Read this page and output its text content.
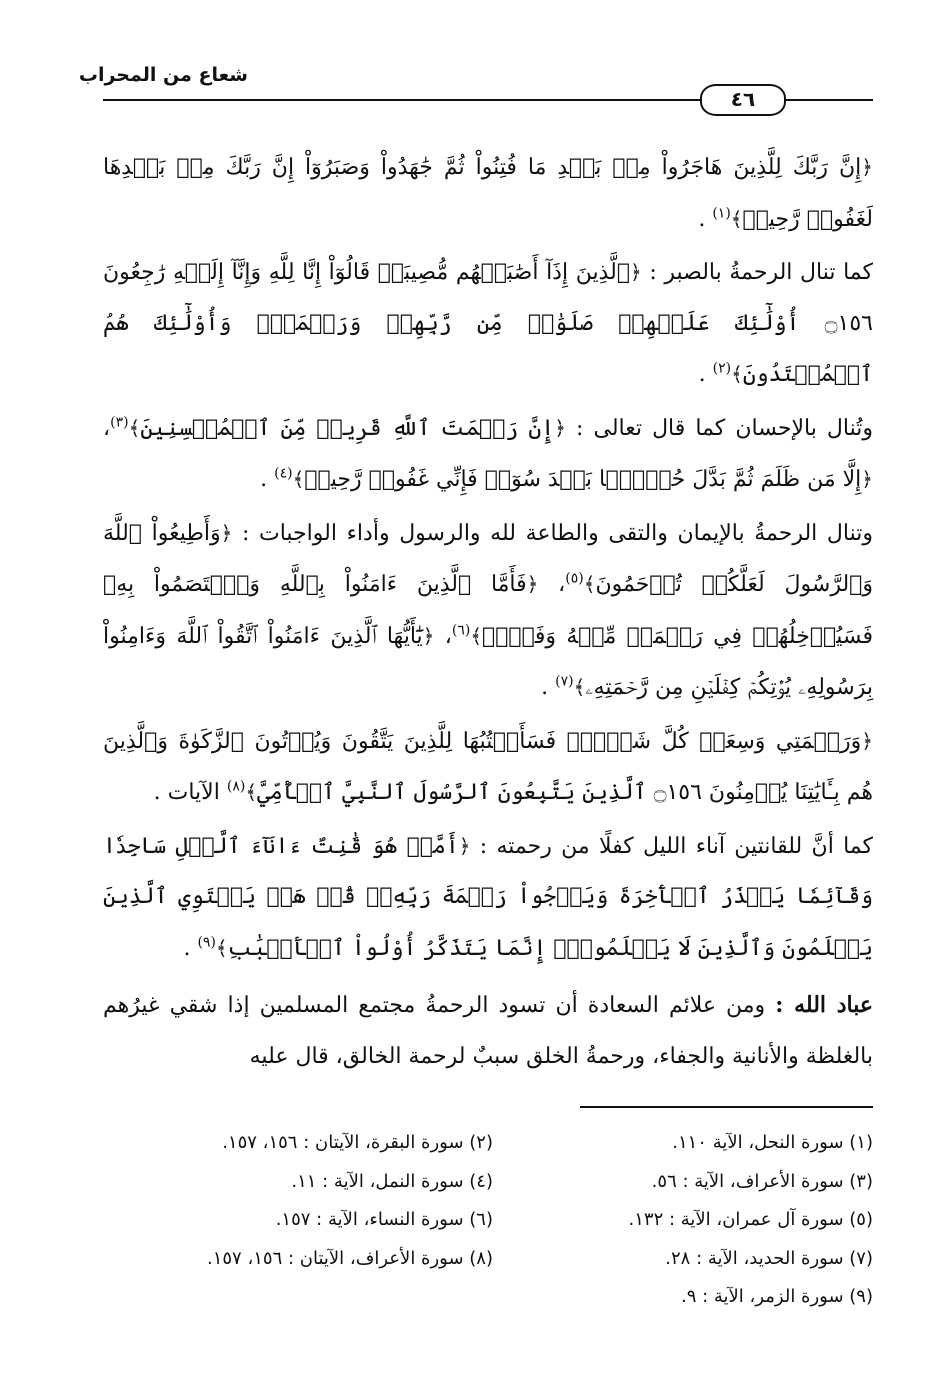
شعاع من المحراب
٤٦

﴿إِنَّ رَبَّكَ لِلَّذِينَ هَاجَرُواْ مِنۢ بَعۡدِ مَا فُتِنُواْ ثُمَّ جَٰهَدُواْ وَصَبَرُوٓاْ إِنَّ رَبَّكَ مِنۢ بَعۡدِهَا لَغَفُورٞ رَّحِيمٞ﴾$^{(١)}$ .

كما تنال الرحمةُ بالصبر : ﴿ٱلَّذِينَ إِذَآ أَصَٰبَتۡهُم مُّصِيبَةٞ قَالُوٓاْ إِنَّا لِلَّهِ وَإِنَّآ إِلَيۡهِ رَٰجِعُونَ ۝١٥٦ أُوْلَٰٓئِكَ عَلَيۡهِمۡ صَلَوَٰتٞ مِّن رَّبِّهِمۡ وَرَحۡمَةٞۖ وَأُوْلَٰٓئِكَ هُمُ ٱلۡمُهۡتَدُونَ﴾$^{(٢)}$ .

وتُنال بالإحسان كما قال تعالى : ﴿إِنَّ رَحۡمَتَ ٱللَّهِ قَرِيبٞ مِّنَ ٱلۡمُحۡسِنِينَ﴾$^{(٣)}$، ﴿إِلَّا مَن ظَلَمَ ثُمَّ بَدَّلَ حُسۡنَۢا بَعۡدَ سُوٓءٖ فَإِنِّي غَفُورٞ رَّحِيمٞ﴾$^{(٤)}$ .

وتنال الرحمةُ بالإيمان والتقى والطاعة لله والرسول وأداء الواجبات : ﴿وَأَطِيعُواْ ٱللَّهَ وَٱلرَّسُولَ لَعَلَّكُمۡ تُرۡحَمُونَ﴾$^{(٥)}$، ﴿فَأَمَّا ٱلَّذِينَ ءَامَنُواْ بِٱللَّهِ وَٱعۡتَصَمُواْ بِهِۦ فَسَيُدۡخِلُهُمۡ فِي رَحۡمَةٖ مِّنۡهُ وَفَضۡلٖ﴾$^{(٦)}$، ﴿يَٰٓأَيُّهَا ٱلَّذِينَ ءَامَنُواْ ٱتَّقُواْ ٱللَّهَ وَءَامِنُواْ بِرَسُولِهِۦ يُؤۡتِكُمۡ كِفۡلَيۡنِ مِن رَّحۡمَتِهِۦ﴾$^{(٧)}$ .

﴿وَرَحۡمَتِي وَسِعَتۡ كُلَّ شَيۡءٖۚ فَسَأَكۡتُبُهَا لِلَّذِينَ يَتَّقُونَ وَيُؤۡتُونَ ٱلزَّكَوٰةَ وَٱلَّذِينَ هُم بِـَٔايَٰتِنَا يُؤۡمِنُونَ ۝١٥٦ ٱلَّذِينَ يَتَّبِعُونَ ٱلرَّسُولَ ٱلنَّبِيَّ ٱلۡأُمِّيَّ﴾$^{(٨)}$ الآيات .

كما أنَّ للقانتين آناء الليل كفلًا من رحمته : ﴿أَمَّنۡ هُوَ قَٰنِتٌ ءَانَآءَ ٱلَّيۡلِ سَاجِدٗا وَقَآئِمٗا يَحۡذَرُ ٱلۡأٓخِرَةَ وَيَرۡجُواْ رَحۡمَةَ رَبِّهِۦۗ قُلۡ هَلۡ يَسۡتَوِي ٱلَّذِينَ يَعۡلَمُونَ وَٱلَّذِينَ لَا يَعۡلَمُونَۗ إِنَّمَا يَتَذَكَّرُ أُوْلُواْ ٱلۡأَلۡبَٰبِ﴾$^{(٩)}$ .

عباد الله : ومن علائم السعادة أن تسود الرحمةُ مجتمع المسلمين إذا شقي غيرُهم بالغلظة والأنانية والجفاء، ورحمةُ الخلق سببٌ لرحمة الخالق، قال عليه

(١) سورة النحل، الآية ١١٠.
(٣) سورة الأعراف، الآية : ٥٦.
(٥) سورة آل عمران، الآية : ١٣٢.
(٧) سورة الحديد، الآية : ٢٨.
(٩) سورة الزمر، الآية : ٩.
(٢) سورة البقرة، الآيتان : ١٥٦، ١٥٧.
(٤) سورة النمل، الآية : ١١.
(٦) سورة النساء، الآية : ١٥٧.
(٨) سورة الأعراف، الآيتان : ١٥٦، ١٥٧.
